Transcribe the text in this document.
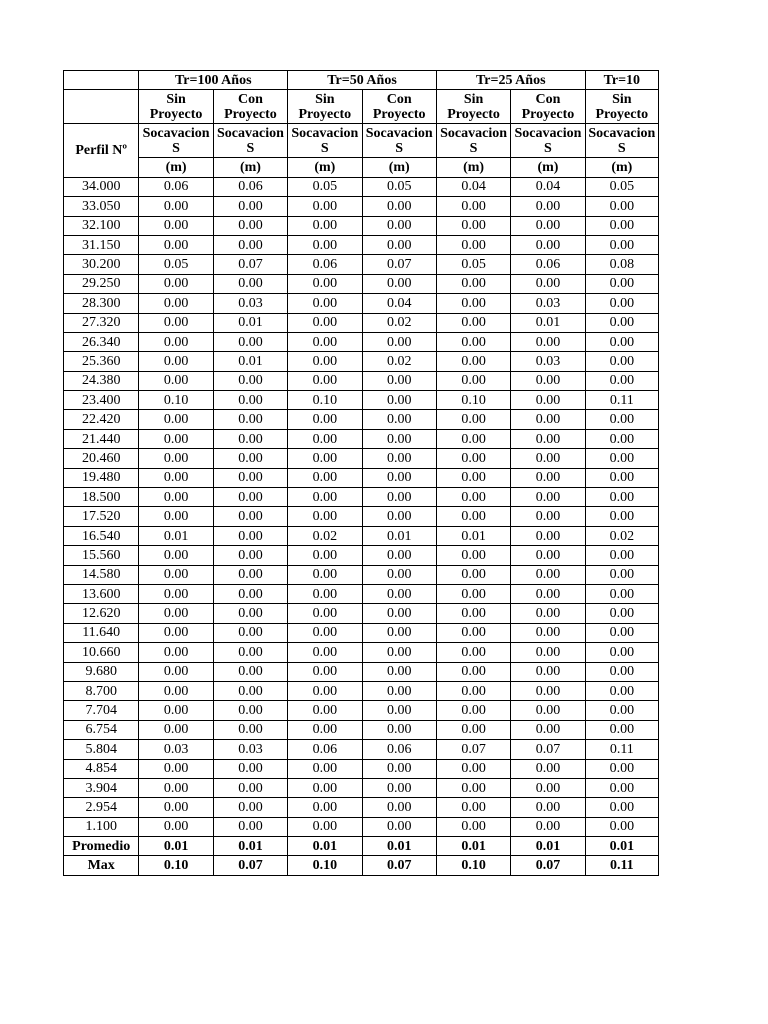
	Tr=100 Años		Tr=50 Años		Tr=25 Años		Tr=10
	Sin Proyecto	Con Proyecto	Sin Proyecto	Con Proyecto	Sin Proyecto	Con Proyecto	Sin Proyecto
Perfil Nº	Socavacion S	Socavacion S	Socavacion S	Socavacion S	Socavacion S	Socavacion S	Socavacion S
	(m)	(m)	(m)	(m)	(m)	(m)	(m)
34.000	0.06	0.06	0.05	0.05	0.04	0.04	0.05
33.050	0.00	0.00	0.00	0.00	0.00	0.00	0.00
32.100	0.00	0.00	0.00	0.00	0.00	0.00	0.00
31.150	0.00	0.00	0.00	0.00	0.00	0.00	0.00
30.200	0.05	0.07	0.06	0.07	0.05	0.06	0.08
29.250	0.00	0.00	0.00	0.00	0.00	0.00	0.00
28.300	0.00	0.03	0.00	0.04	0.00	0.03	0.00
27.320	0.00	0.01	0.00	0.02	0.00	0.01	0.00
26.340	0.00	0.00	0.00	0.00	0.00	0.00	0.00
25.360	0.00	0.01	0.00	0.02	0.00	0.03	0.00
24.380	0.00	0.00	0.00	0.00	0.00	0.00	0.00
23.400	0.10	0.00	0.10	0.00	0.10	0.00	0.11
22.420	0.00	0.00	0.00	0.00	0.00	0.00	0.00
21.440	0.00	0.00	0.00	0.00	0.00	0.00	0.00
20.460	0.00	0.00	0.00	0.00	0.00	0.00	0.00
19.480	0.00	0.00	0.00	0.00	0.00	0.00	0.00
18.500	0.00	0.00	0.00	0.00	0.00	0.00	0.00
17.520	0.00	0.00	0.00	0.00	0.00	0.00	0.00
16.540	0.01	0.00	0.02	0.01	0.01	0.00	0.02
15.560	0.00	0.00	0.00	0.00	0.00	0.00	0.00
14.580	0.00	0.00	0.00	0.00	0.00	0.00	0.00
13.600	0.00	0.00	0.00	0.00	0.00	0.00	0.00
12.620	0.00	0.00	0.00	0.00	0.00	0.00	0.00
11.640	0.00	0.00	0.00	0.00	0.00	0.00	0.00
10.660	0.00	0.00	0.00	0.00	0.00	0.00	0.00
9.680	0.00	0.00	0.00	0.00	0.00	0.00	0.00
8.700	0.00	0.00	0.00	0.00	0.00	0.00	0.00
7.704	0.00	0.00	0.00	0.00	0.00	0.00	0.00
6.754	0.00	0.00	0.00	0.00	0.00	0.00	0.00
5.804	0.03	0.03	0.06	0.06	0.07	0.07	0.11
4.854	0.00	0.00	0.00	0.00	0.00	0.00	0.00
3.904	0.00	0.00	0.00	0.00	0.00	0.00	0.00
2.954	0.00	0.00	0.00	0.00	0.00	0.00	0.00
1.100	0.00	0.00	0.00	0.00	0.00	0.00	0.00
Promedio	0.01	0.01	0.01	0.01	0.01	0.01	0.01
Max	0.10	0.07	0.10	0.07	0.10	0.07	0.11
